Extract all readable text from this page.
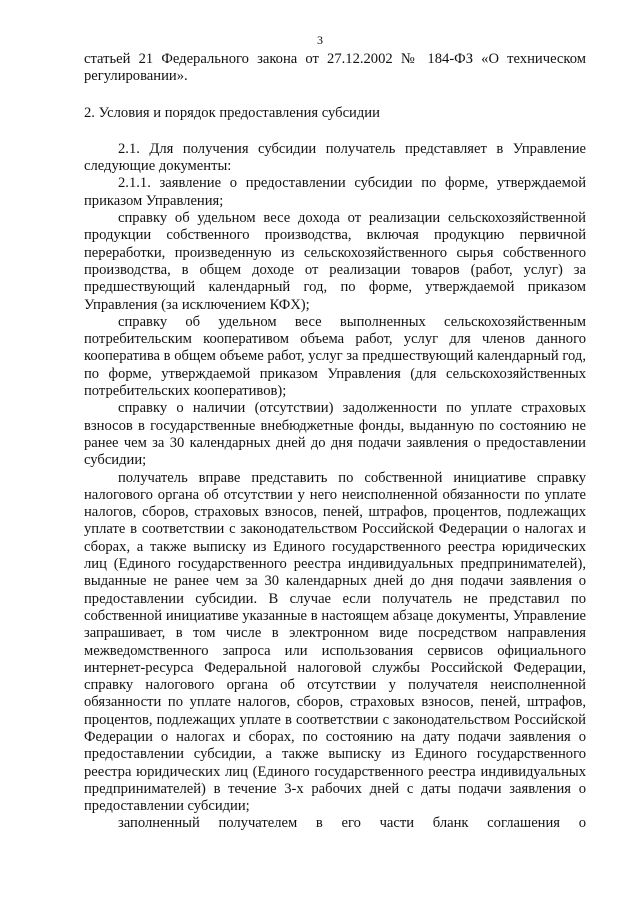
3

статьей 21 Федерального закона от 27.12.2002 № 184-ФЗ «О техническом регулировании».

2. Условия и порядок предоставления субсидии

2.1. Для получения субсидии получатель представляет в Управление следующие документы:

2.1.1. заявление о предоставлении субсидии по форме, утверждаемой приказом Управления;

справку об удельном весе дохода от реализации сельскохозяйственной продукции собственного производства, включая продукцию первичной переработки, произведенную из сельскохозяйственного сырья собственного производства, в общем доходе от реализации товаров (работ, услуг) за предшествующий календарный год, по форме, утверждаемой приказом Управления (за исключением КФХ);

справку об удельном весе выполненных сельскохозяйственным потребительским кооперативом объема работ, услуг для членов данного кооператива в общем объеме работ, услуг за предшествующий календарный год, по форме, утверждаемой приказом Управления (для сельскохозяйственных потребительских кооперативов);

справку о наличии (отсутствии) задолженности по уплате страховых взносов в государственные внебюджетные фонды, выданную по состоянию не ранее чем за 30 календарных дней до дня подачи заявления о предоставлении субсидии;

получатель вправе представить по собственной инициативе справку налогового органа об отсутствии у него неисполненной обязанности по уплате налогов, сборов, страховых взносов, пеней, штрафов, процентов, подлежащих уплате в соответствии с законодательством Российской Федерации о налогах и сборах, а также выписку из Единого государственного реестра юридических лиц (Единого государственного реестра индивидуальных предпринимателей), выданные не ранее чем за 30 календарных дней до дня подачи заявления о предоставлении субсидии. В случае если получатель не представил по собственной инициативе указанные в настоящем абзаце документы, Управление запрашивает, в том числе в электронном виде посредством направления межведомственного запроса или использования сервисов официального интернет-ресурса Федеральной налоговой службы Российской Федерации, справку налогового органа об отсутствии у получателя неисполненной обязанности по уплате налогов, сборов, страховых взносов, пеней, штрафов, процентов, подлежащих уплате в соответствии с законодательством Российской Федерации о налогах и сборах, по состоянию на дату подачи заявления о предоставлении субсидии, а также выписку из Единого государственного реестра юридических лиц (Единого государственного реестра индивидуальных предпринимателей) в течение 3-х рабочих дней с даты подачи заявления о предоставлении субсидии;

заполненный получателем в его части бланк соглашения о
